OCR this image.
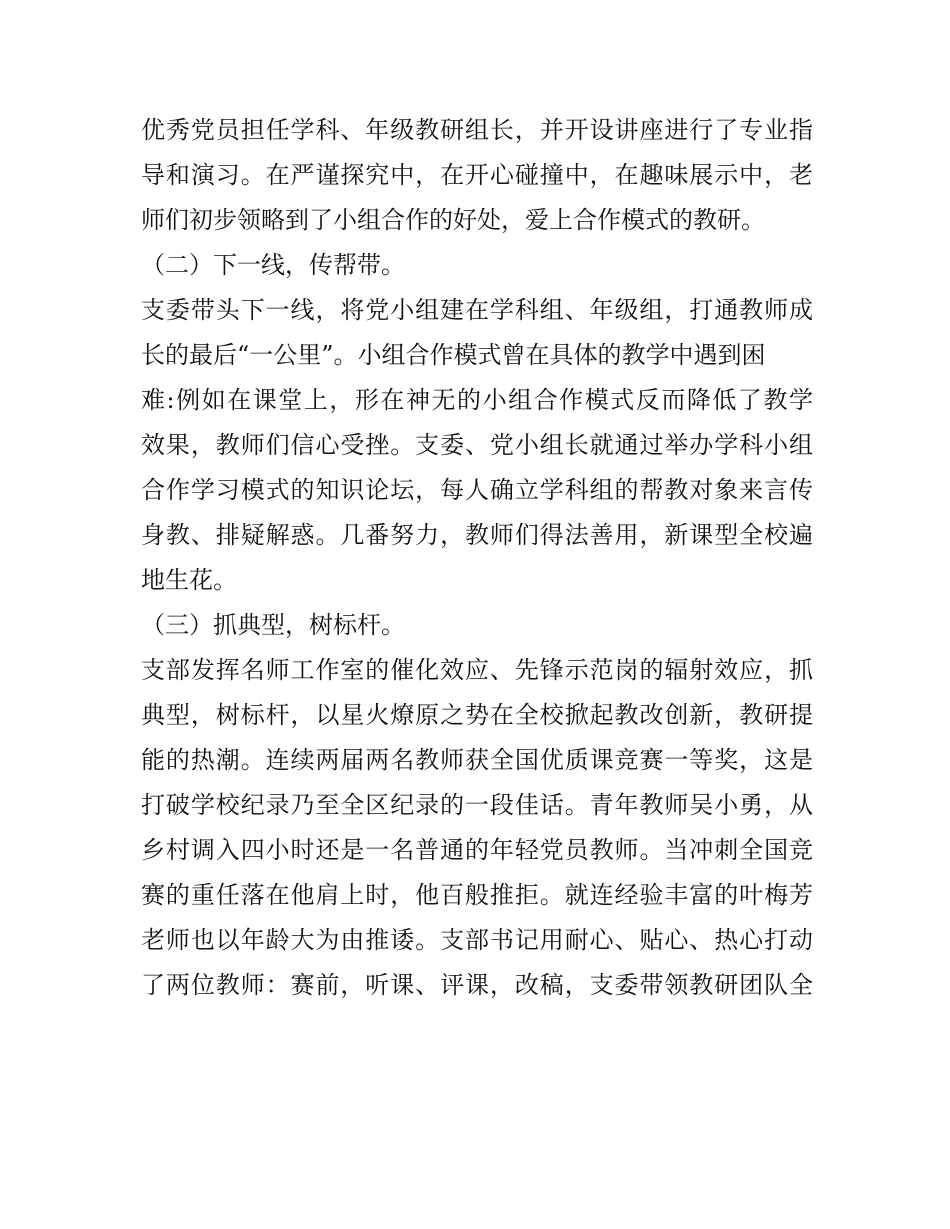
优秀党员担任学科、年级教研组长，并开设讲座进行了专业指
导和演习。在严谨探究中，在开心碰撞中，在趣味展示中，老
师们初步领略到了小组合作的好处，爱上合作模式的教研。
（二）下一线，传帮带。
支委带头下一线，将党小组建在学科组、年级组，打通教师成
长的最后“一公里”。小组合作模式曾在具体的教学中遇到困
难:例如在课堂上，形在神无的小组合作模式反而降低了教学
效果，教师们信心受挫。支委、党小组长就通过举办学科小组
合作学习模式的知识论坛，每人确立学科组的帮教对象来言传
身教、排疑解惑。几番努力，教师们得法善用，新课型全校遍
地生花。
（三）抓典型，树标杆。
支部发挥名师工作室的催化效应、先锋示范岗的辐射效应，抓
典型，树标杆，以星火燎原之势在全校掀起教改创新，教研提
能的热潮。连续两届两名教师获全国优质课竞赛一等奖，这是
打破学校纪录乃至全区纪录的一段佳话。青年教师吴小勇，从
乡村调入四小时还是一名普通的年轻党员教师。当冲刺全国竞
赛的重任落在他肩上时，他百般推拒。就连经验丰富的叶梅芳
老师也以年龄大为由推诿。支部书记用耐心、贴心、热心打动
了两位教师：赛前，听课、评课，改稿，支委带领教研团队全
